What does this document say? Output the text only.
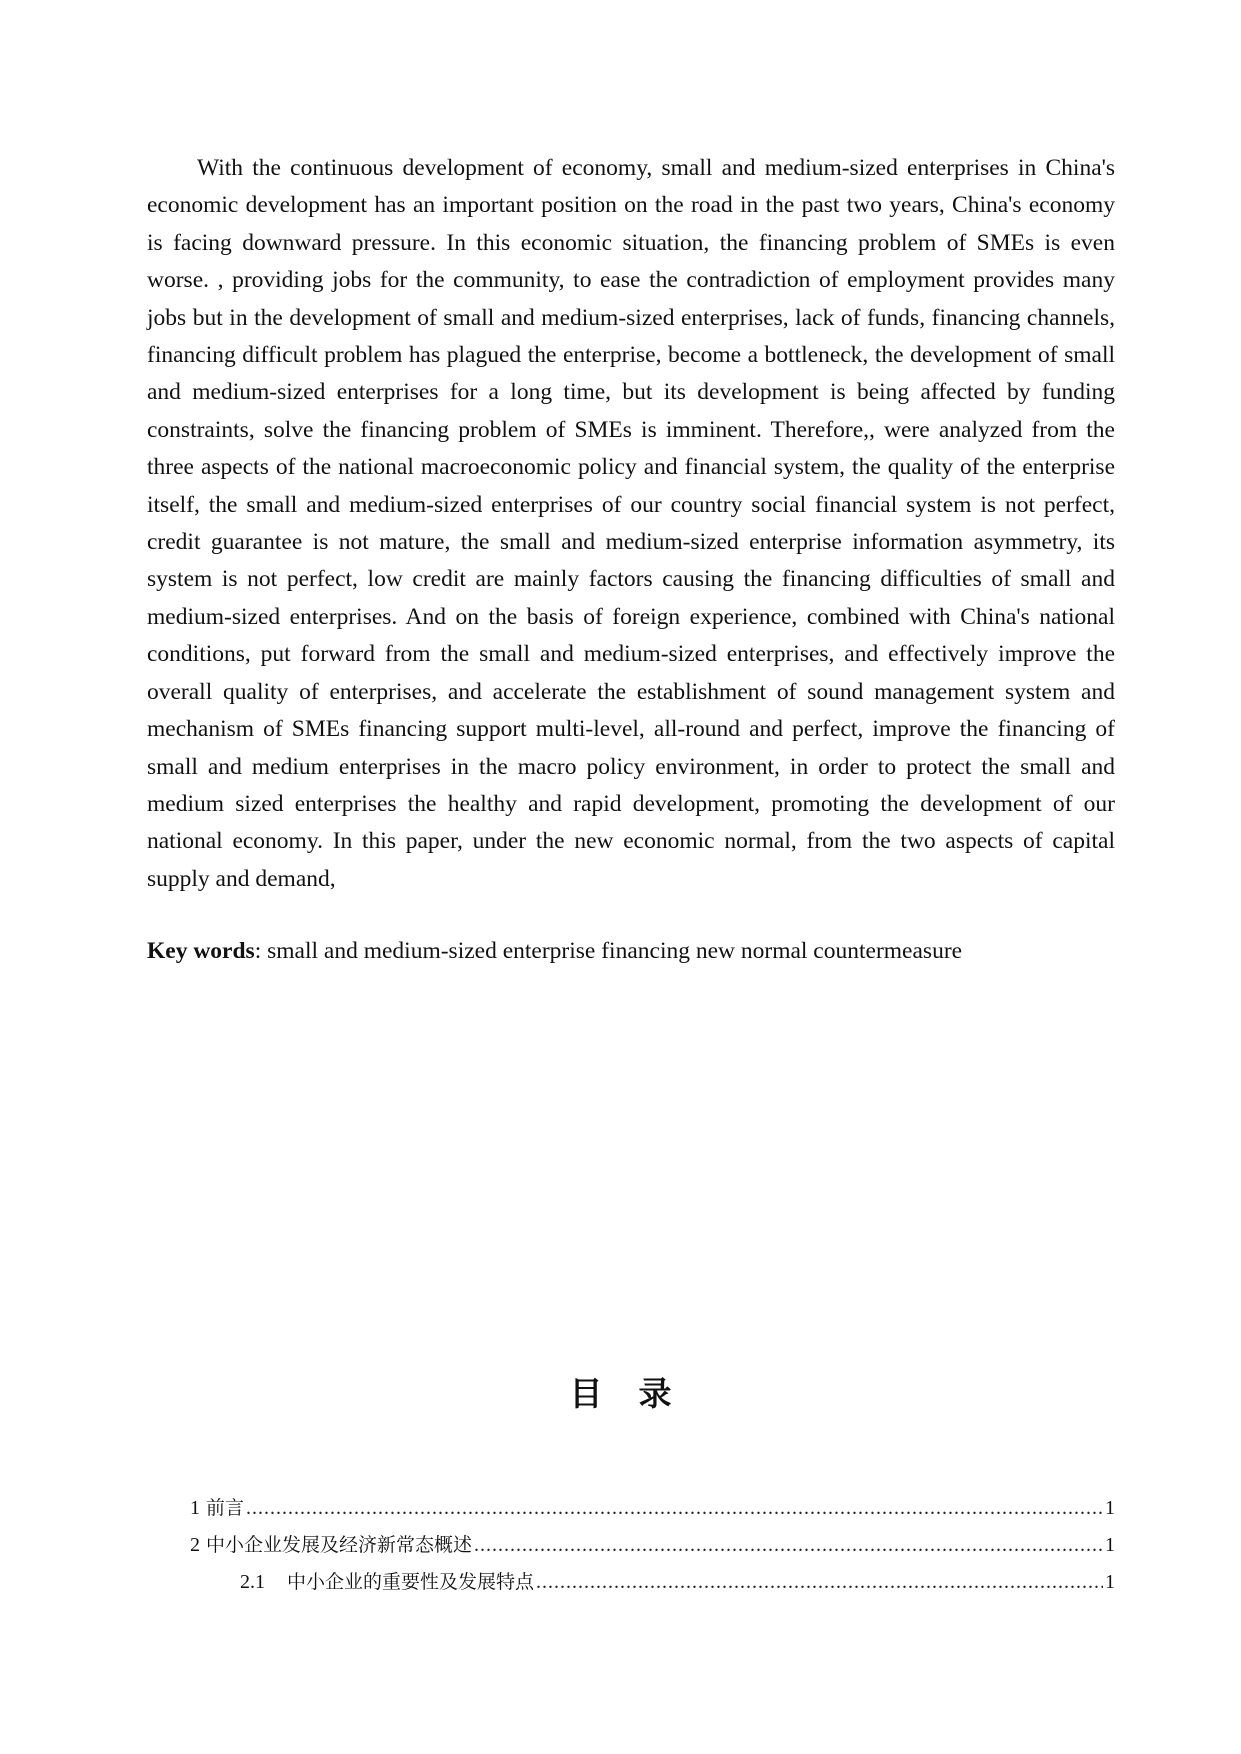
With the continuous development of economy, small and medium-sized enterprises in China's economic development has an important position on the road in the past two years, China's economy is facing downward pressure. In this economic situation, the financing problem of SMEs is even worse. , providing jobs for the community, to ease the contradiction of employment provides many jobs but in the development of small and medium-sized enterprises, lack of funds, financing channels, financing difficult problem has plagued the enterprise, become a bottleneck, the development of small and medium-sized enterprises for a long time, but its development is being affected by funding constraints, solve the financing problem of SMEs is imminent. Therefore,, were analyzed from the three aspects of the national macroeconomic policy and financial system, the quality of the enterprise itself, the small and medium-sized enterprises of our country social financial system is not perfect, credit guarantee is not mature, the small and medium-sized enterprise information asymmetry, its system is not perfect, low credit are mainly factors causing the financing difficulties of small and medium-sized enterprises. And on the basis of foreign experience, combined with China's national conditions, put forward from the small and medium-sized enterprises, and effectively improve the overall quality of enterprises, and accelerate the establishment of sound management system and mechanism of SMEs financing support multi-level, all-round and perfect, improve the financing of small and medium enterprises in the macro policy environment, in order to protect the small and medium sized enterprises the healthy and rapid development, promoting the development of our national economy. In this paper, under the new economic normal, from the two aspects of capital supply and demand,

Key words: small and medium-sized enterprise financing new normal countermeasure

目录
1 前言 .....	1
2 中小企业发展及经济新常态概述 .....	1
2.1 中小企业的重要性及发展特点 .....	1
